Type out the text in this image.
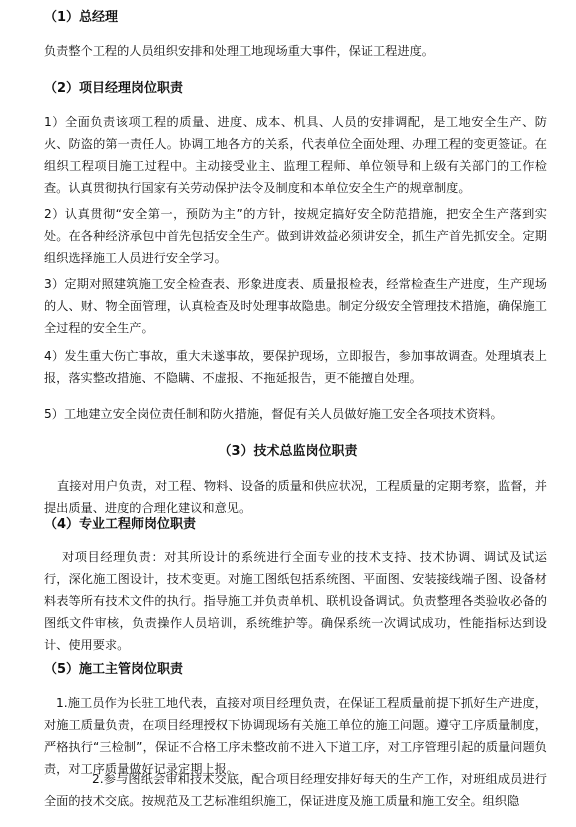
（1）总经理
负责整个工程的人员组织安排和处理工地现场重大事件，保证工程进度。
（2）项目经理岗位职责
1）全面负责该项工程的质量、进度、成本、机具、人员的安排调配，是工地安全生产、防火、防盗的第一责任人。协调工地各方的关系，代表单位全面处理、办理工程的变更签证。在组织工程项目施工过程中。主动接受业主、监理工程师、单位领导和上级有关部门的工作检查。认真贯彻执行国家有关劳动保护法令及制度和本单位安全生产的规章制度。
2）认真贯彻“安全第一，预防为主”的方针，按规定搞好安全防范措施，把安全生产落到实处。在各种经济承包中首先包括安全生产。做到讲效益必须讲安全，抓生产首先抓安全。定期组织选择施工人员进行安全学习。
3）定期对照建筑施工安全检查表、形象进度表、质量报检表，经常检查生产进度，生产现场的人、财、物全面管理，认真检查及时处理事故隐患。制定分级安全管理技术措施，确保施工全过程的安全生产。
4）发生重大伤亡事故，重大未遂事故，要保护现场，立即报告，参加事故调查。处理填表上报，落实整改措施、不隐瞒、不虚报、不拖延报告，更不能擅自处理。
5）工地建立安全岗位责任制和防火措施，督促有关人员做好施工安全各项技术资料。
（3）技术总监岗位职责
直接对用户负责，对工程、物料、设备的质量和供应状况，工程质量的定期考察，监督，并提出质量、进度的合理化建议和意见。
（4）专业工程师岗位职责
对项目经理负责：对其所设计的系统进行全面专业的技术支持、技术协调、调试及试运行，深化施工图设计，技术变更。对施工图纸包括系统图、平面图、安装接线端子图、设备材料表等所有技术文件的执行。指导施工并负责单机、联机设备调试。负责整理各类验收必备的图纸文件审核，负责操作人员培训，系统维护等。确保系统一次调试成功，性能指标达到设计、使用要求。
（5）施工主管岗位职责
1.施工员作为长驻工地代表，直接对项目经理负责，在保证工程质量前提下抓好生产进度，对施工质量负责，在项目经理授权下协调现场有关施工单位的施工问题。遵守工序质量制度，严格执行“三检制”，保证不合格工序未整改前不进入下道工序，对工序管理引起的质量问题负责，对工序质量做好记录定期上报。
2.参与图纸会审和技术交底，配合项目经理安排好每天的生产工作，对班组成员进行全面的技术交底。按规范及工艺标准组织施工，保证进度及施工质量和施工安全。组织隐
